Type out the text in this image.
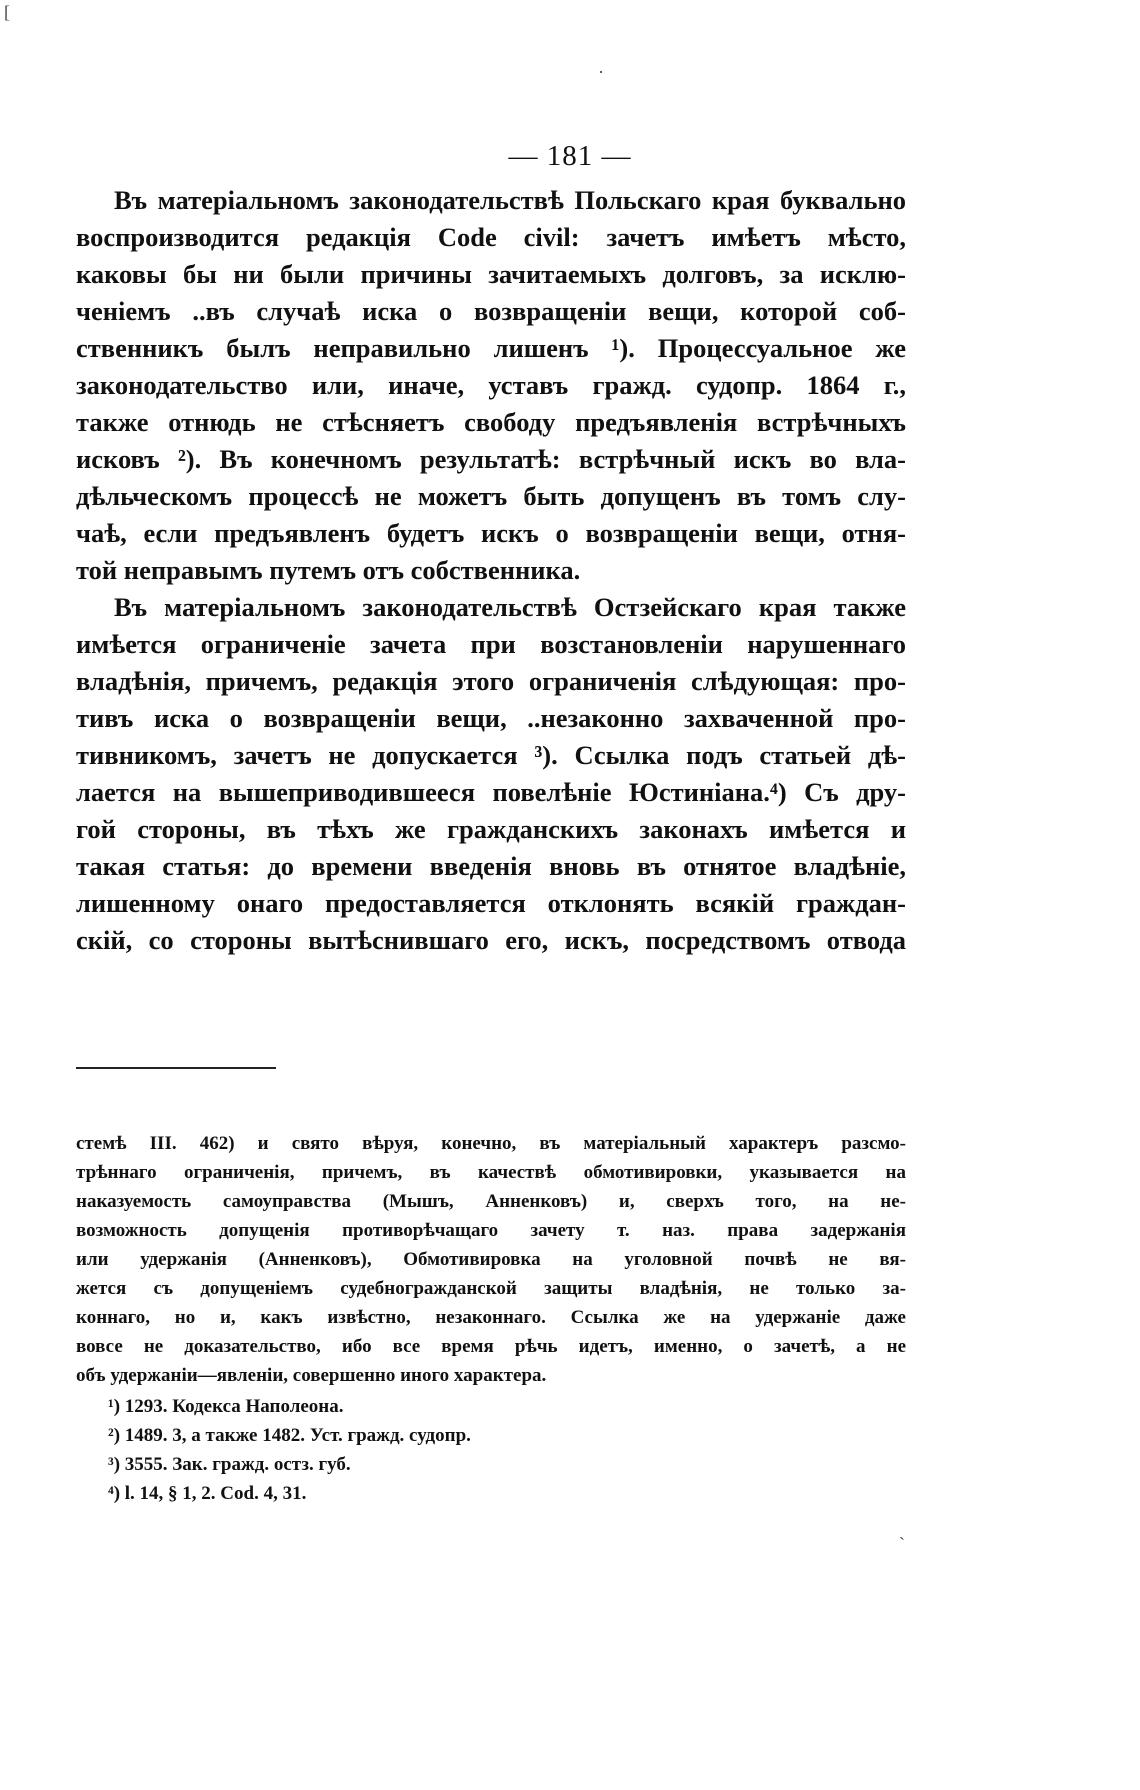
— 181 —
Въ матеріальномъ законодательствѣ Польскаго края буквально
воспроизводится редакція Code civil: зачетъ имѣетъ мѣсто,
каковы бы ни были причины зачитаемыхъ долговъ, за исклю-
ченіемъ ..въ случаѣ иска о возвращеніи вещи, которой соб-
ственникъ былъ неправильно лишенъ ¹). Процессуальное же
законодательство или, иначе, уставъ гражд. судопр. 1864 г.,
также отнюдь не стѣсняетъ свободу предъявленія встрѣчныхъ
исковъ ²). Въ конечномъ результатѣ: встрѣчный искъ во вла-
дѣльческомъ процессѣ не можетъ быть допущенъ въ томъ слу-
чаѣ, если предъявленъ будетъ искъ о возвращеніи вещи, отня-
той неправымъ путемъ отъ собственника.
Въ матеріальномъ законодательствѣ Остзейскаго края также
имѣется ограниченіе зачета при возстановленіи нарушеннаго
владѣнія, причемъ, редакція этого ограниченія слѣдующая: про-
тивъ иска о возвращеніи вещи, ..незаконно захваченной про-
тивникомъ, зачетъ не допускается ³). Ссылка подъ статьей дѣ-
лается на вышеприводившееся повелѣніе Юстиніана.⁴) Съ дру-
гой стороны, въ тѣхъ же гражданскихъ законахъ имѣется и
такая статья: до времени введенія вновь въ отнятое владѣніе,
лишенному онаго предоставляется отклонять всякій граждан-
скій, со стороны вытѣснившаго его, искъ, посредствомъ отвода
стемѣ III. 462) и свято вѣруя, конечно, въ матеріальный характеръ разсмо-
трѣннаго ограниченія, причемъ, въ качествѣ обмотивировки, указывается на
наказуемость самоуправства (Мышъ, Анненковъ) и, сверхъ того, на не-
возможность допущенія противорѣчащаго зачету т. наз. права задержанія
или удержанія (Анненковъ), Обмотивировка на уголовной почвѣ не вя-
жется съ допущеніемъ судебногражданской защиты владѣнія, не только за-
коннаго, но и, какъ извѣстно, незаконнаго. Ссылка же на удержаніе даже
вовсе не доказательство, ибо все время рѣчь идетъ, именно, о зачетѣ, а не
объ удержаніи—явленіи, совершенно иного характера.
¹) 1293. Кодекса Наполеона.
²) 1489. 3, а также 1482. Уст. гражд. судопр.
³) 3555. Зак. гражд. остз. губ.
⁴) l. 14, § 1, 2. Cod. 4, 31.
[
·
ˎ
